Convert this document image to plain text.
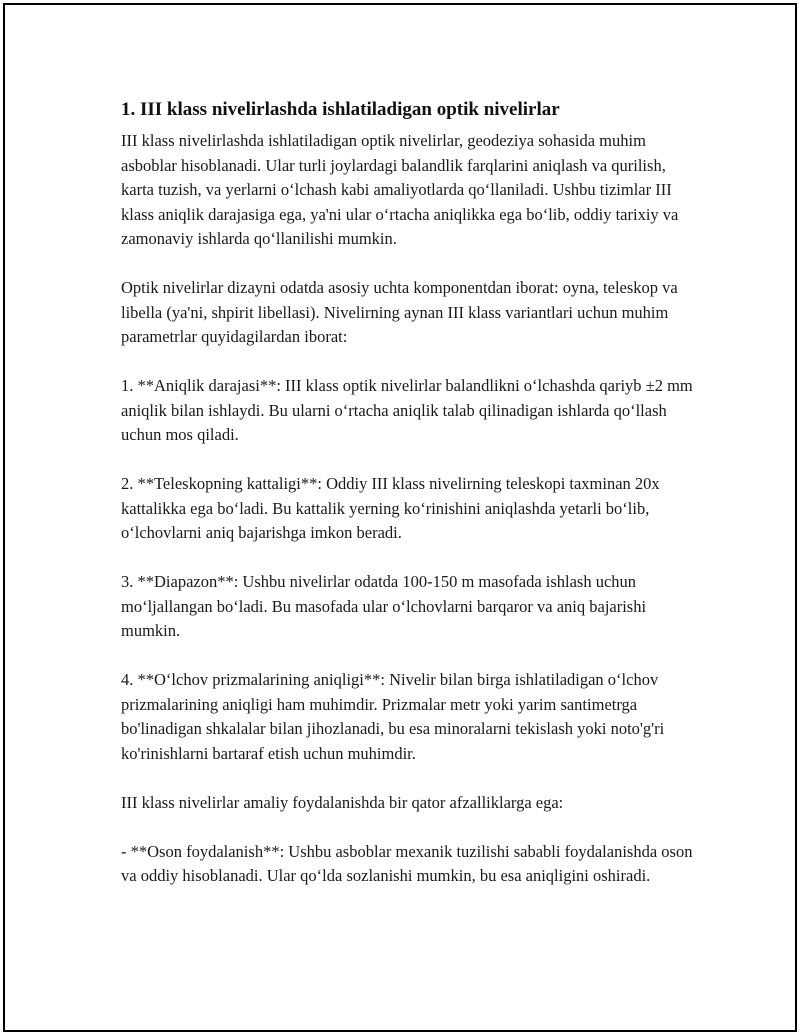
1. III klass nivelirlashda ishlatiladigan optik nivelirlar

III klass nivelirlashda ishlatiladigan optik nivelirlar, geodeziya sohasida muhim asboblar hisoblanadi. Ular turli joylardagi balandlik farqlarini aniqlash va qurilish, karta tuzish, va yerlarni o‘lchash kabi amaliyotlarda qo‘llaniladi. Ushbu tizimlar III klass aniqlik darajasiga ega, ya'ni ular o‘rtacha aniqlikka ega bo‘lib, oddiy tarixiy va zamonaviy ishlarda qo‘llanilishi mumkin.

Optik nivelirlar dizayni odatda asosiy uchta komponentdan iborat: oyna, teleskop va libella (ya'ni, shpirit libellasi). Nivelirning aynan III klass variantlari uchun muhim parametrlar quyidagilardan iborat:

1. **Aniqlik darajasi**: III klass optik nivelirlar balandlikni o‘lchashda qariyb ±2 mm aniqlik bilan ishlaydi. Bu ularni o‘rtacha aniqlik talab qilinadigan ishlarda qo‘llash uchun mos qiladi.

2. **Teleskopning kattaligi**: Oddiy III klass nivelirning teleskopi taxminan 20x kattalikka ega bo‘ladi. Bu kattalik yerning ko‘rinishini aniqlashda yetarli bo‘lib, o‘lchovlarni aniq bajarishga imkon beradi.

3. **Diapazon**: Ushbu nivelirlar odatda 100-150 m masofada ishlash uchun mo‘ljallangan bo‘ladi. Bu masofada ular o‘lchovlarni barqaror va aniq bajarishi mumkin.

4. **O‘lchov prizmalarining aniqligi**: Nivelir bilan birga ishlatiladigan o‘lchov prizmalarining aniqligi ham muhimdir. Prizmalar metr yoki yarim santimetrga bo'linadigan shkalalar bilan jihozlanadi, bu esa minoralarni tekislash yoki noto'g'ri ko'rinishlarni bartaraf etish uchun muhimdir.

III klass nivelirlar amaliy foydalanishda bir qator afzalliklarga ega:

- **Oson foydalanish**: Ushbu asboblar mexanik tuzilishi sababli foydalanishda oson va oddiy hisoblanadi. Ular qo‘lda sozlanishi mumkin, bu esa aniqligini oshiradi.
